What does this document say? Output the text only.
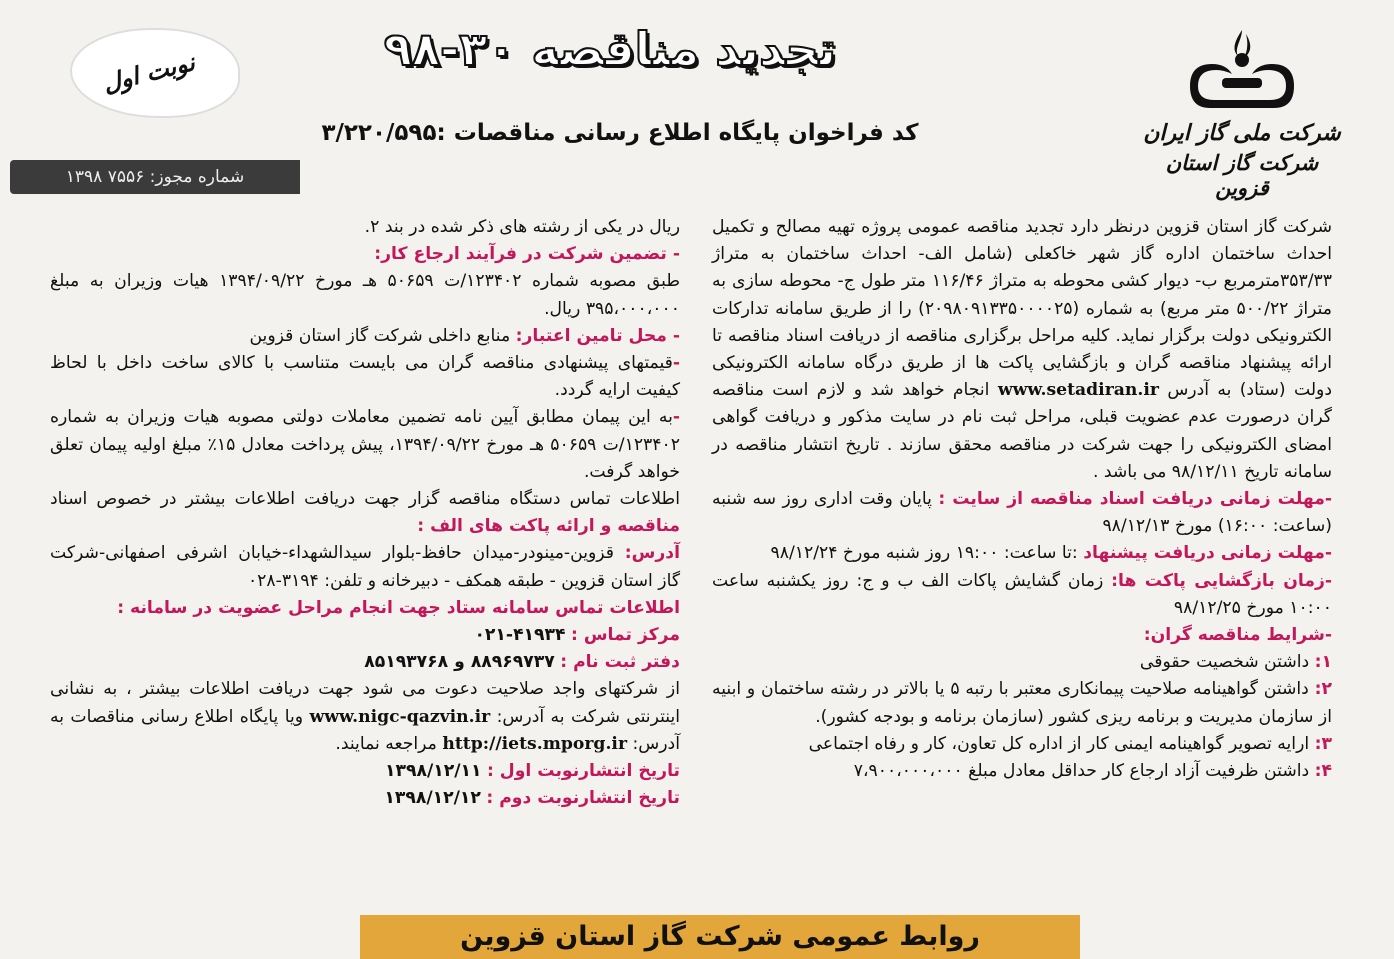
شرکت ملی گاز ایران
شرکت گاز استان قزوین
تجدید مناقصه ۳۰-۹۸
کد فراخوان پایگاه اطلاع رسانی مناقصات :۳/۲۲۰/۵۹۵
نوبت اول
شماره مجوز: ۷۵۵۶ ۱۳۹۸

شرکت گاز استان قزوین درنظر دارد تجدید مناقصه عمومی پروژه تهیه مصالح و تکمیل احداث ساختمان اداره گاز شهر خاکعلی (شامل الف- احداث ساختمان به متراژ ۳۵۳/۳۳مترمربع ب- دیوار کشی محوطه به متراژ ۱۱۶/۴۶ متر طول ج- محوطه سازی به متراژ ۵۰۰/۲۲ متر مربع) به شماره (۲۰۹۸۰۹۱۳۳۵۰۰۰۰۲۵) را از طریق سامانه تدارکات الکترونیکی دولت برگزار نماید. کلیه مراحل برگزاری مناقصه از دریافت اسناد مناقصه تا ارائه پیشنهاد مناقصه گران و بازگشایی پاکت ها از طریق درگاه سامانه الکترونیکی دولت (ستاد) به آدرس www.setadiran.ir انجام خواهد شد و لازم است مناقصه گران درصورت عدم عضویت قبلی، مراحل ثبت نام در سایت مذکور و دریافت گواهی امضای الکترونیکی را جهت شرکت در مناقصه محقق سازند . تاریخ انتشار مناقصه در سامانه تاریخ ۹۸/۱۲/۱۱ می باشد .

-مهلت زمانی دریافت اسناد مناقصه از سایت : پایان وقت اداری روز سه شنبه (ساعت: ۱۶:۰۰) مورخ ۹۸/۱۲/۱۳

-مهلت زمانی دریافت پیشنهاد :تا ساعت: ۱۹:۰۰ روز شنبه مورخ ۹۸/۱۲/۲۴

-زمان بازگشایی پاکت ها: زمان گشایش پاکات الف ب و ج: روز یکشنبه ساعت ۱۰:۰۰ مورخ ۹۸/۱۲/۲۵

-شرایط مناقصه گران:

۱: داشتن شخصیت حقوقی

۲: داشتن گواهینامه صلاحیت پیمانکاری معتبر با رتبه ۵ یا بالاتر در رشته ساختمان و ابنیه از سازمان مدیریت و برنامه ریزی کشور (سازمان برنامه و بودجه کشور).

۳: ارایه تصویر گواهینامه ایمنی کار از اداره کل تعاون، کار و رفاه اجتماعی

۴: داشتن ظرفیت آزاد ارجاع کار حداقل معادل مبلغ ۷،۹۰۰،۰۰۰،۰۰۰

ریال در یکی از رشته های ذکر شده در بند ۲.

- تضمین شرکت در فرآیند ارجاع کار:

طبق مصوبه شماره ۱۲۳۴۰۲/ت ۵۰۶۵۹ هـ مورخ ۱۳۹۴/۰۹/۲۲ هیات وزیران به مبلغ ۳۹۵،۰۰۰،۰۰۰ ریال.

- محل تامین اعتبار: منابع داخلی شرکت گاز استان قزوین

-قیمتهای پیشنهادی مناقصه گران می بایست متناسب با کالای ساخت داخل با لحاظ کیفیت ارایه گردد.

-به این پیمان مطابق آیین نامه تضمین معاملات دولتی مصوبه هیات وزیران به شماره ۱۲۳۴۰۲/ت ۵۰۶۵۹ هـ مورخ ۱۳۹۴/۰۹/۲۲، پیش پرداخت معادل ۱۵٪ مبلغ اولیه پیمان تعلق خواهد گرفت.

اطلاعات تماس دستگاه مناقصه گزار جهت دریافت اطلاعات بیشتر در خصوص اسناد مناقصه و ارائه پاکت های الف :

آدرس: قزوین-مینودر-میدان حافظ-بلوار سیدالشهداء-خیابان اشرفی اصفهانی-شرکت گاز استان قزوین - طبقه همکف - دبیرخانه و تلفن: ۳۱۹۴-۰۲۸

اطلاعات تماس سامانه ستاد جهت انجام مراحل عضویت در سامانه :

مرکز تماس : ۴۱۹۳۴-۰۲۱

دفتر ثبت نام : ۸۸۹۶۹۷۳۷ و ۸۵۱۹۳۷۶۸

از شرکتهای واجد صلاحیت دعوت می شود جهت دریافت اطلاعات بیشتر ، به نشانی اینترنتی شرکت به آدرس: www.nigc-qazvin.ir ویا پایگاه اطلاع رسانی مناقصات به آدرس: http://iets.mporg.ir مراجعه نمایند.

تاریخ انتشارنوبت اول : ۱۳۹۸/۱۲/۱۱

تاریخ انتشارنوبت دوم : ۱۳۹۸/۱۲/۱۲

روابط عمومی شرکت گاز استان قزوین
